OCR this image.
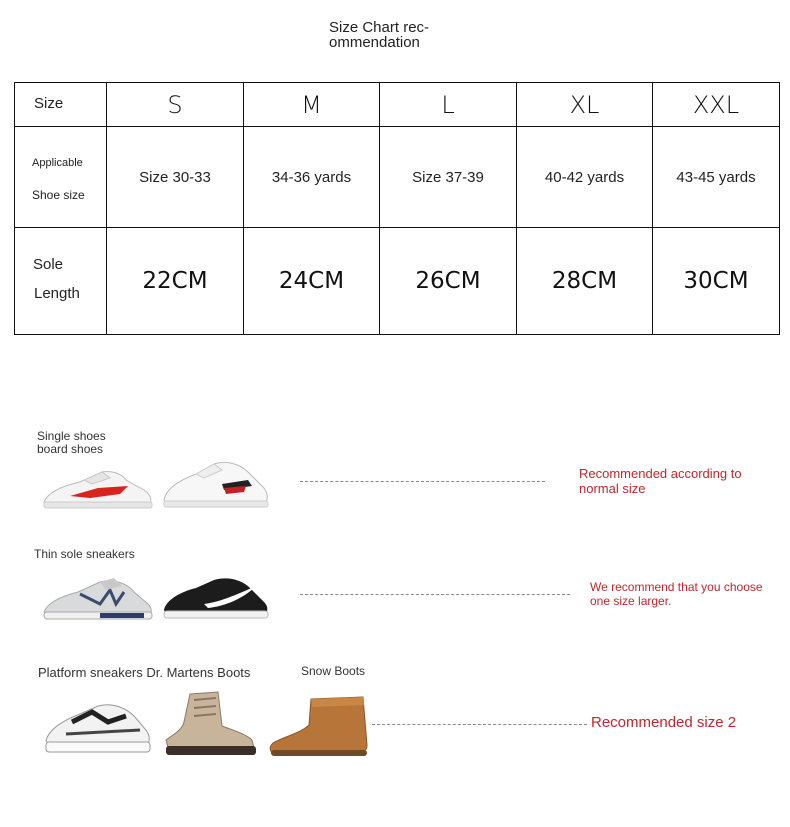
Size Chart rec-
ommendation
Size	S	M	L	XL	XXL

Applicable
Shoe size	Size 30-33	34-36 yards	Size 37-39	40-42 yards	43-45 yards

Sole
Length	22CM	24CM	26CM	28CM	30CM
Single shoes
board shoes
Recommended according to normal size
Thin sole sneakers
We recommend that you choose one size larger.
Platform sneakers Dr. Martens Boots	Snow Boots
Recommended size 2
